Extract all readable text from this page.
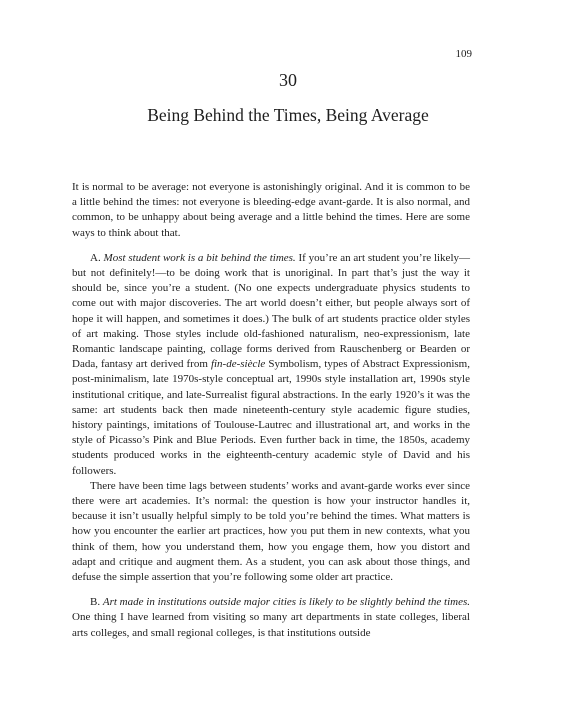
109
30
Being Behind the Times, Being Average

It is normal to be average: not everyone is astonishingly original. And it is common to be a little behind the times: not everyone is bleeding-edge avant-garde. It is also normal, and common, to be unhappy about being average and a little behind the times. Here are some ways to think about that.

A. Most student work is a bit behind the times. If you’re an art student you’re likely—but not definitely!—to be doing work that is unoriginal. In part that’s just the way it should be, since you’re a student. (No one expects undergraduate physics students to come out with major discoveries. The art world doesn’t either, but people always sort of hope it will happen, and sometimes it does.) The bulk of art students practice older styles of art making. Those styles include old-fashioned naturalism, neo-expressionism, late Romantic landscape painting, collage forms derived from Rauschenberg or Bearden or Dada, fantasy art derived from fin-de-siècle Symbolism, types of Abstract Expressionism, post-minimalism, late 1970s-style conceptual art, 1990s style installation art, 1990s style institutional critique, and late-Surrealist figural abstractions. In the early 1920’s it was the same: art students back then made nineteenth-century style academic figure studies, history paintings, imitations of Toulouse-Lautrec and illustrational art, and works in the style of Picasso’s Pink and Blue Periods. Even further back in time, the 1850s, academy students produced works in the eighteenth-century academic style of David and his followers.

There have been time lags between students’ works and avant-garde works ever since there were art academies. It’s normal: the question is how your instructor handles it, because it isn’t usually helpful simply to be told you’re behind the times. What matters is how you encounter the earlier art practices, how you put them in new contexts, what you think of them, how you understand them, how you engage them, how you distort and adapt and critique and augment them. As a student, you can ask about those things, and defuse the simple assertion that you’re following some older art practice.

B. Art made in institutions outside major cities is likely to be slightly behind the times. One thing I have learned from visiting so many art departments in state colleges, liberal arts colleges, and small regional colleges, is that institutions outside
